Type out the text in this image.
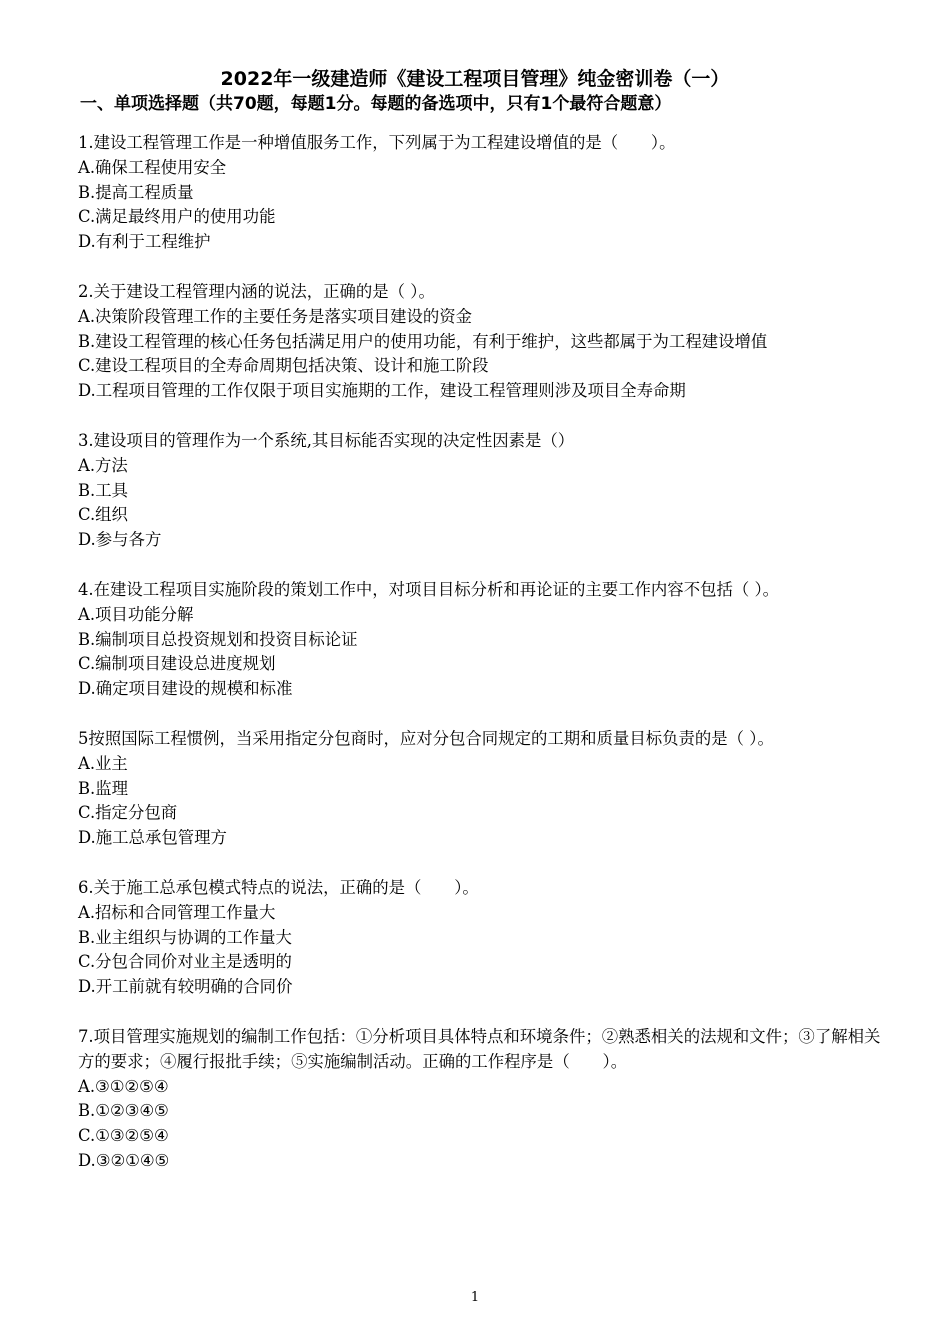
2022年一级建造师《建设工程项目管理》纯金密训卷（一）
一、单项选择题（共70题，每题1分。每题的备选项中，只有1个最符合题意）

1.建设工程管理工作是一种增值服务工作，下列属于为工程建设增值的是（　　）。

A.确保工程使用安全

B.提高工程质量

C.满足最终用户的使用功能

D.有利于工程维护

2.关于建设工程管理内涵的说法，正确的是（ ）。

A.决策阶段管理工作的主要任务是落实项目建设的资金

B.建设工程管理的核心任务包括满足用户的使用功能，有利于维护，这些都属于为工程建设增值

C.建设工程项目的全寿命周期包括决策、设计和施工阶段

D.工程项目管理的工作仅限于项目实施期的工作，建设工程管理则涉及项目全寿命期

3.建设项目的管理作为一个系统,其目标能否实现的决定性因素是（）

A.方法

B.工具

C.组织

D.参与各方

4.在建设工程项目实施阶段的策划工作中，对项目目标分析和再论证的主要工作内容不包括（ ）。

A.项目功能分解

B.编制项目总投资规划和投资目标论证

C.编制项目建设总进度规划

D.确定项目建设的规模和标准

5按照国际工程惯例，当采用指定分包商时，应对分包合同规定的工期和质量目标负责的是（ ）。

A.业主

B.监理

C.指定分包商

D.施工总承包管理方

6.关于施工总承包模式特点的说法，正确的是（　　）。

A.招标和合同管理工作量大

B.业主组织与协调的工作量大

C.分包合同价对业主是透明的

D.开工前就有较明确的合同价

7.项目管理实施规划的编制工作包括：①分析项目具体特点和环境条件；②熟悉相关的法规和文件；③了解相关方的要求；④履行报批手续；⑤实施编制活动。正确的工作程序是（　　）。

A.③①②⑤④

B.①②③④⑤

C.①③②⑤④

D.③②①④⑤

1
